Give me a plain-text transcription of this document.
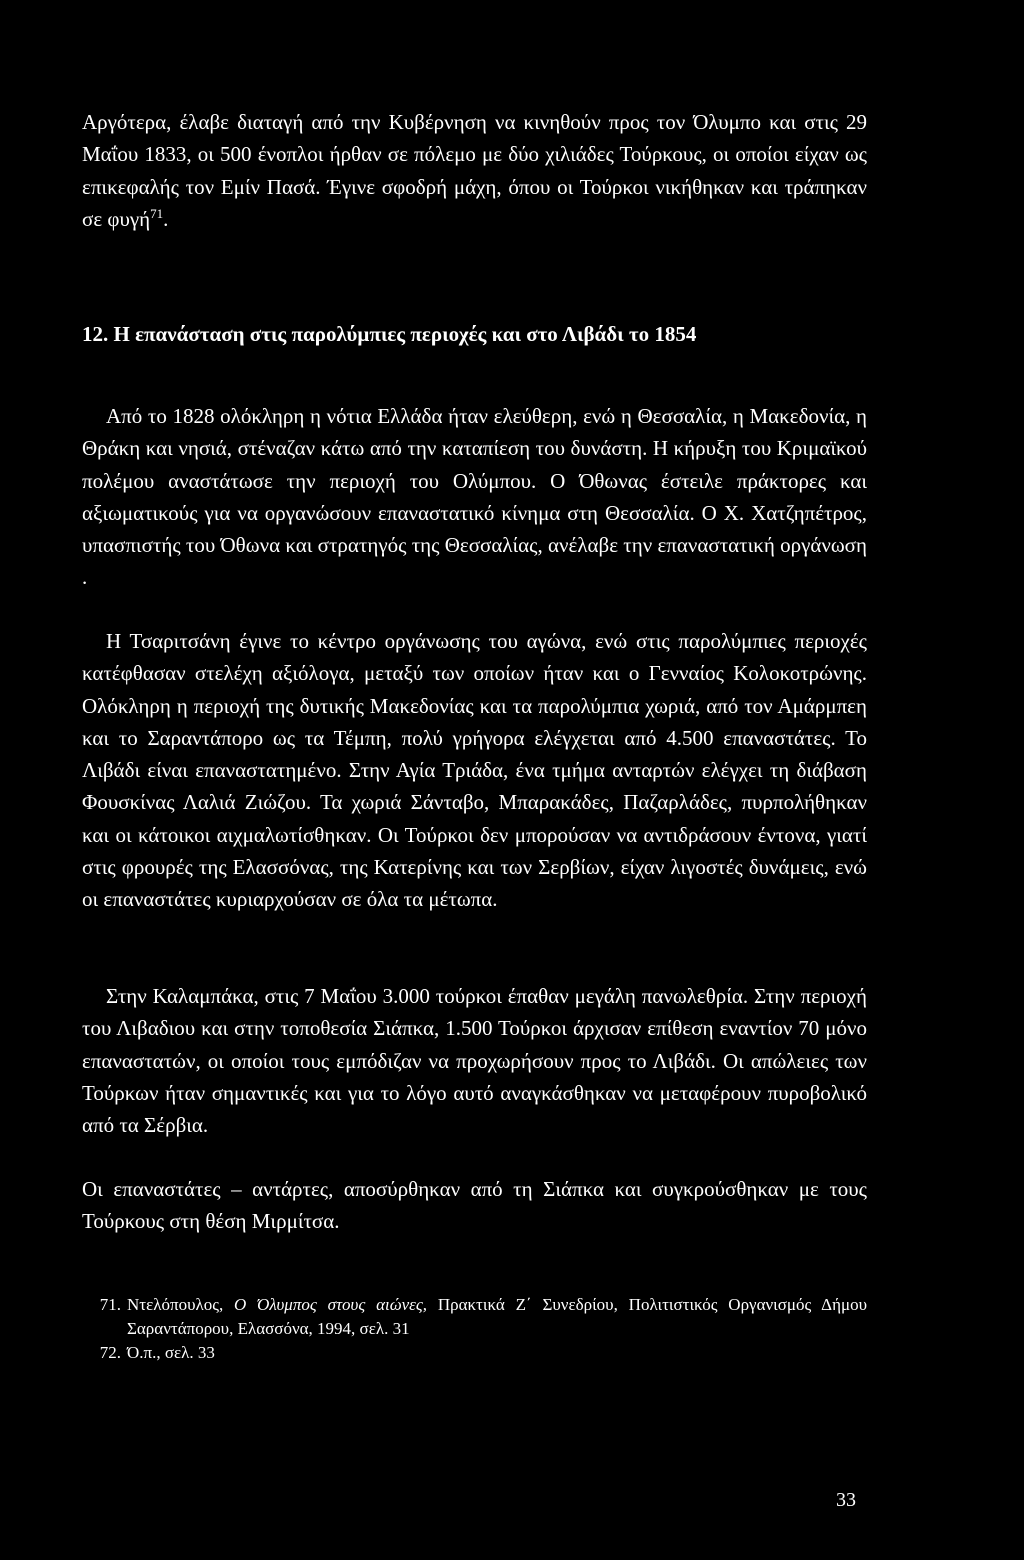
Αργότερα, έλαβε διαταγή από την Κυβέρνηση να κινηθούν προς τον Όλυμπο και στις 29 Μαΐου 1833, οι 500 ένοπλοι ήρθαν σε πόλεμο με δύο χιλιάδες Τούρκους, οι οποίοι είχαν ως επικεφαλής τον Εμίν Πασά. Έγινε σφοδρή μάχη, όπου οι Τούρκοι νικήθηκαν και τράπηκαν σε φυγή$^{71}$.

12. Η επανάσταση στις παρολύμπιες περιοχές και στο Λιβάδι το 1854

Από το 1828 ολόκληρη η νότια Ελλάδα ήταν ελεύθερη, ενώ η Θεσσαλία, η Μακεδονία, η Θράκη και νησιά, στέναζαν κάτω από την καταπίεση του δυνάστη. Η κήρυξη του Κριμαϊκού πολέμου αναστάτωσε την περιοχή του Ολύμπου. Ο Όθωνας έστειλε πράκτορες και αξιωματικούς για να οργανώσουν επαναστατικό κίνημα στη Θεσσαλία. Ο Χ. Χατζηπέτρος, υπασπιστής του Όθωνα και στρατηγός της Θεσσαλίας, ανέλαβε την επαναστατική οργάνωση .

Η Τσαριτσάνη έγινε το κέντρο οργάνωσης του αγώνα, ενώ στις παρολύμπιες περιοχές κατέφθασαν στελέχη αξιόλογα, μεταξύ των οποίων ήταν και ο Γενναίος Κολοκοτρώνης. Ολόκληρη η περιοχή της δυτικής Μακεδονίας και τα παρολύμπια χωριά, από τον Αμάρμπεη και το Σαραντάπορο ως τα Τέμπη, πολύ γρήγορα ελέγχεται από 4.500 επαναστάτες. Το Λιβάδι είναι επαναστατημένο. Στην Αγία Τριάδα, ένα τμήμα ανταρτών ελέγχει τη διάβαση Φουσκίνας Λαλιά Ζιώζου. Τα χωριά Σάνταβο, Μπαρακάδες, Παζαρλάδες, πυρπολήθηκαν και οι κάτοικοι αιχμαλωτίσθηκαν. Οι Τούρκοι δεν μπορούσαν να αντιδράσουν έντονα, γιατί στις φρουρές της Ελασσόνας, της Κατερίνης και των Σερβίων, είχαν λιγοστές δυνάμεις, ενώ οι επαναστάτες κυριαρχούσαν σε όλα τα μέτωπα.

Στην Καλαμπάκα, στις 7 Μαΐου 3.000 τούρκοι έπαθαν μεγάλη πανωλεθρία. Στην περιοχή του Λιβαδιου και στην τοποθεσία Σιάπκα, 1.500 Τούρκοι άρχισαν επίθεση εναντίον 70 μόνο επαναστατών, οι οποίοι τους εμπόδιζαν να προχωρήσουν προς το Λιβάδι. Οι απώλειες των Τούρκων ήταν σημαντικές και για το λόγο αυτό αναγκάσθηκαν να μεταφέρουν πυροβολικό από τα Σέρβια.

Οι επαναστάτες – αντάρτες, αποσύρθηκαν από τη Σιάπκα και συγκρούσθηκαν με τους Τούρκους στη θέση Μιρμίτσα.

71. Ντελόπουλος, Ο Όλυμπος στους αιώνες, Πρακτικά Ζ΄ Συνεδρίου, Πολιτιστικός Οργανισμός Δήμου Σαραντάπορου, Ελασσόνα, 1994, σελ. 31

72. Ό.π., σελ. 33

33
